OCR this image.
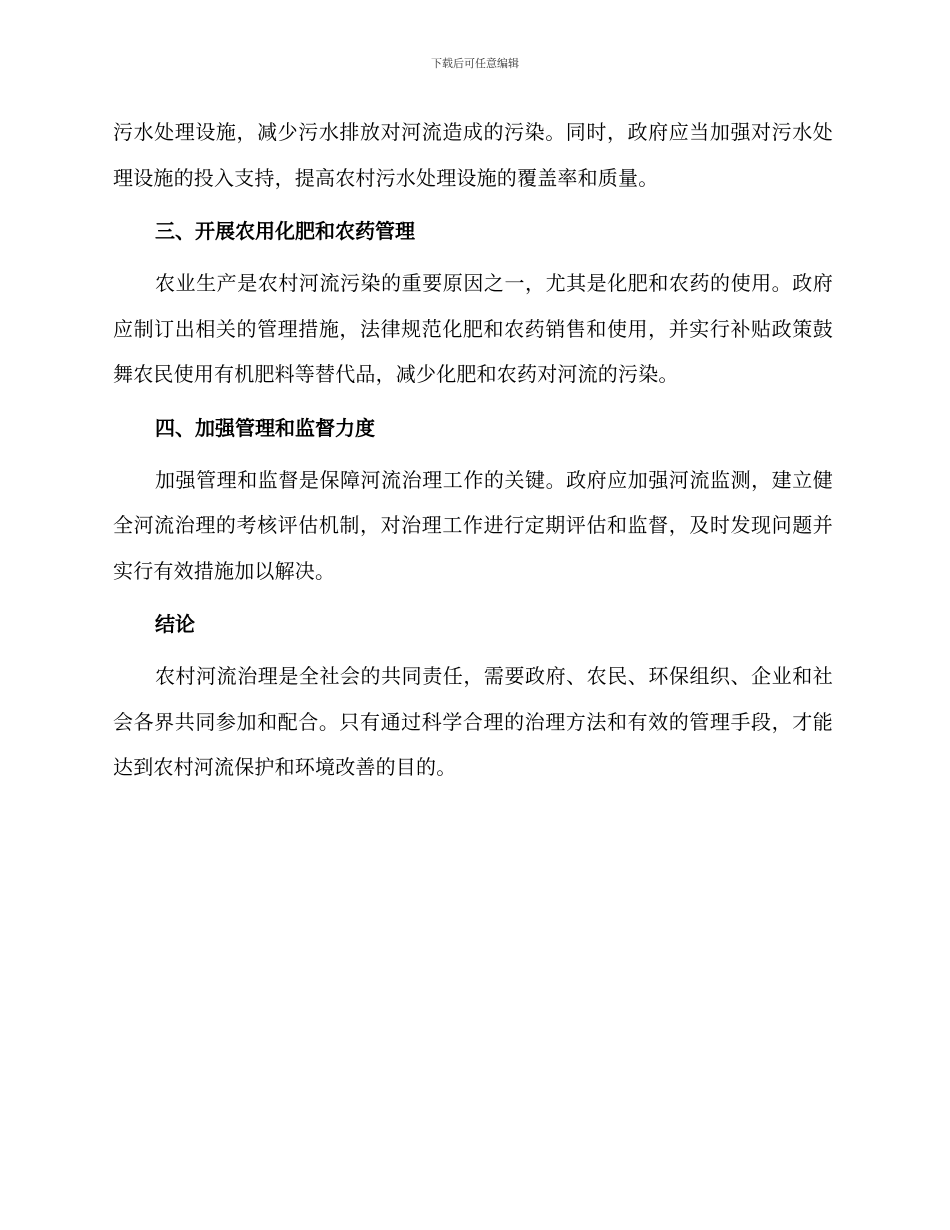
下载后可任意编辑

污水处理设施，减少污水排放对河流造成的污染。同时，政府应当加强对污水处理设施的投入支持，提高农村污水处理设施的覆盖率和质量。

三、开展农用化肥和农药管理

农业生产是农村河流污染的重要原因之一，尤其是化肥和农药的使用。政府应制订出相关的管理措施，法律规范化肥和农药销售和使用，并实行补贴政策鼓舞农民使用有机肥料等替代品，减少化肥和农药对河流的污染。

四、加强管理和监督力度

加强管理和监督是保障河流治理工作的关键。政府应加强河流监测，建立健全河流治理的考核评估机制，对治理工作进行定期评估和监督，及时发现问题并实行有效措施加以解决。

结论

农村河流治理是全社会的共同责任，需要政府、农民、环保组织、企业和社会各界共同参加和配合。只有通过科学合理的治理方法和有效的管理手段，才能达到农村河流保护和环境改善的目的。
